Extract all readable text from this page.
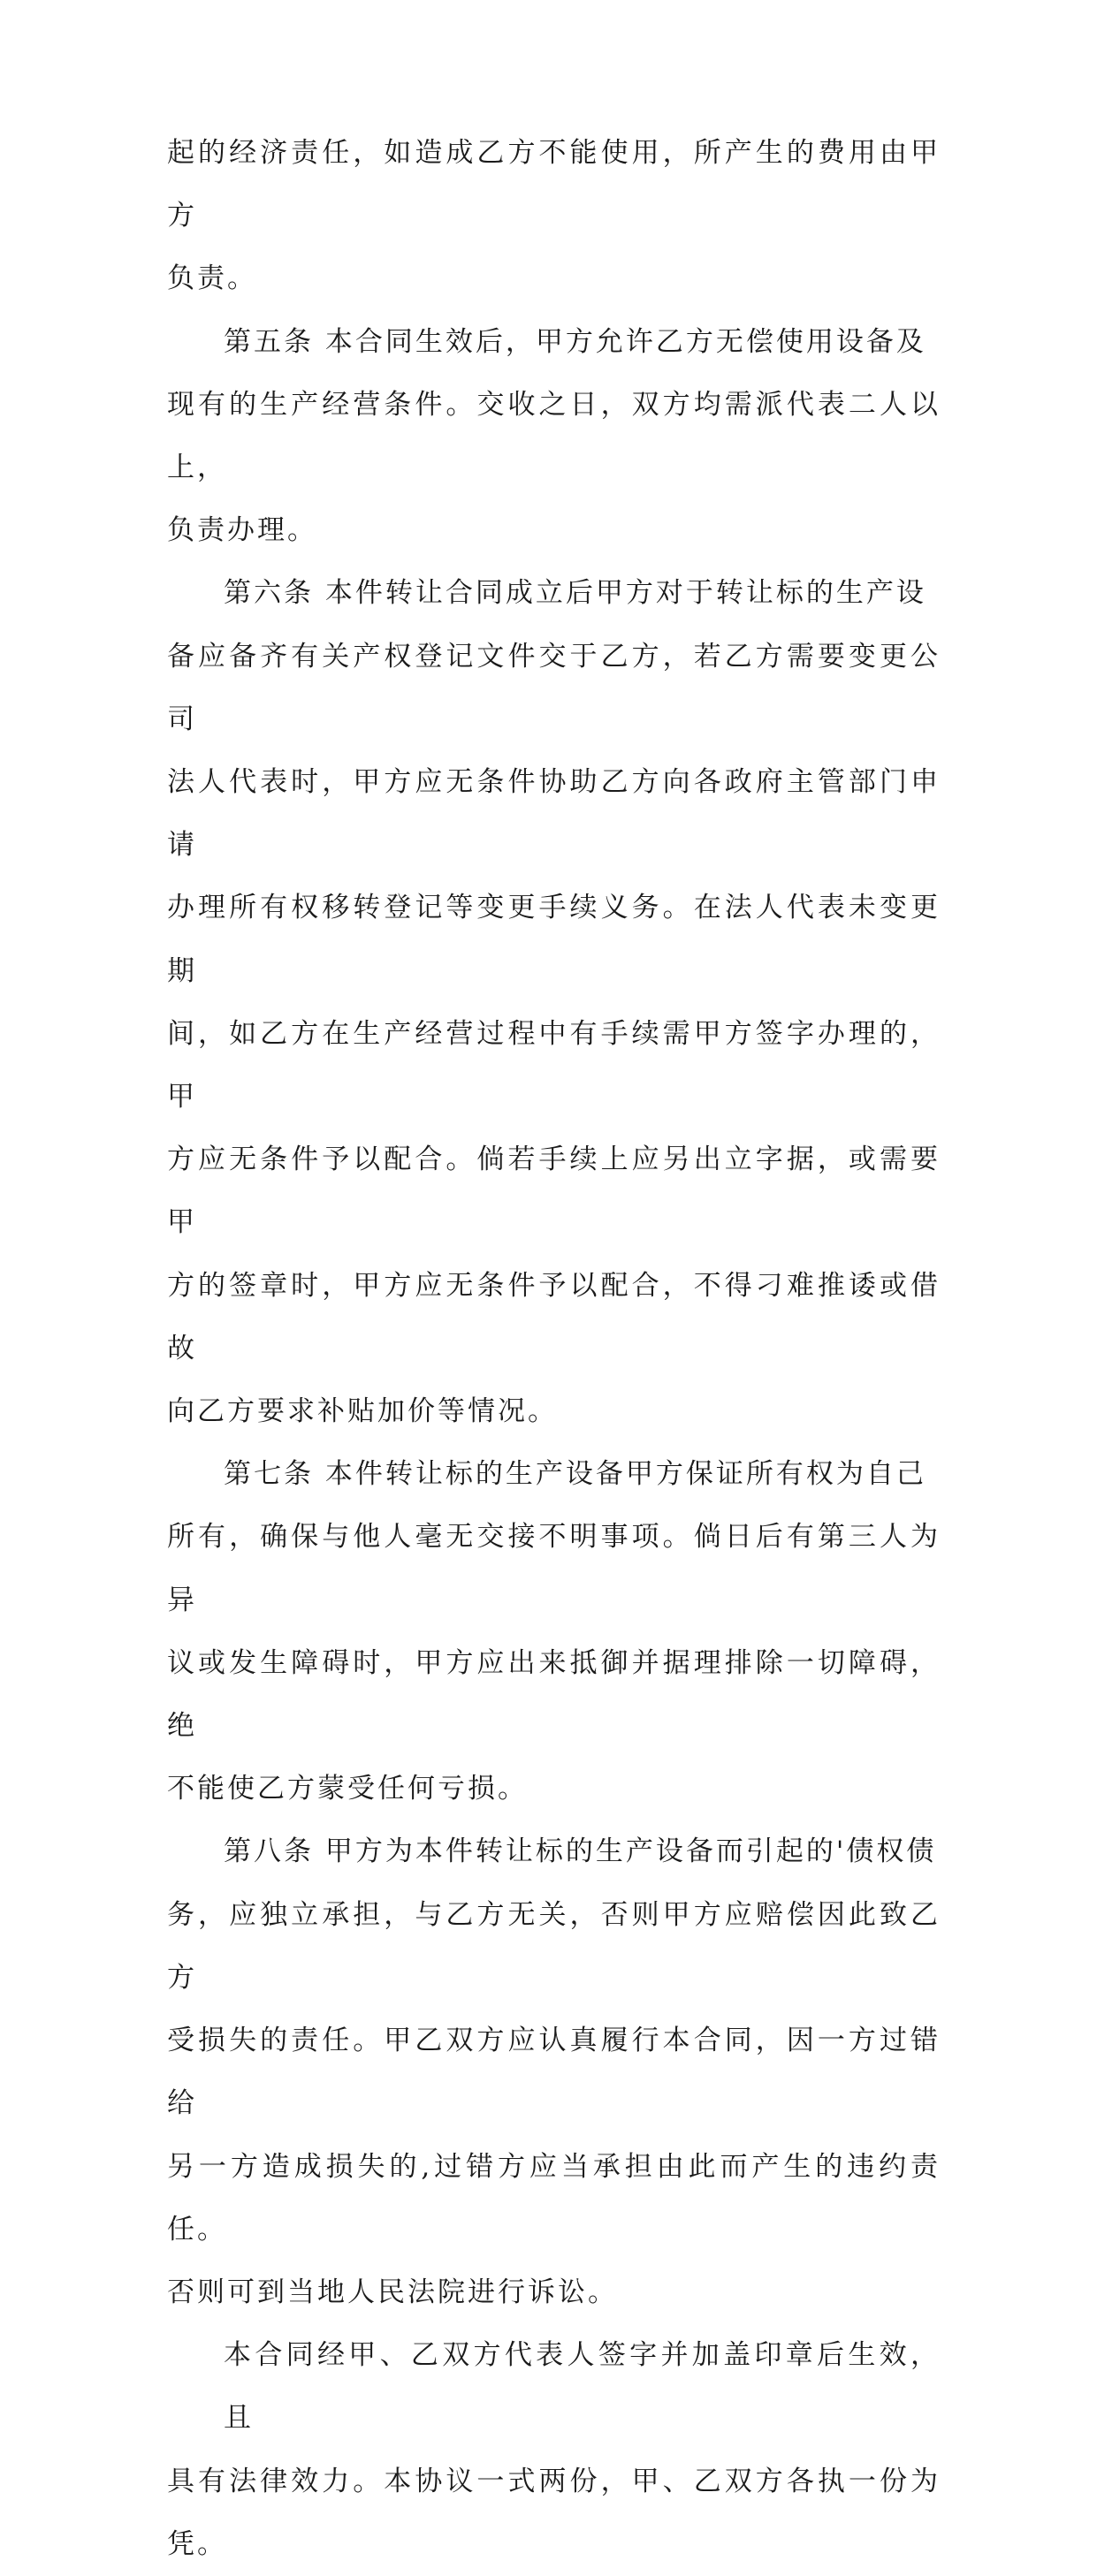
起的经济责任，如造成乙方不能使用，所产生的费用由甲方
负责。

第五条 本合同生效后，甲方允许乙方无偿使用设备及
现有的生产经营条件。交收之日，双方均需派代表二人以上，
负责办理。

第六条 本件转让合同成立后甲方对于转让标的生产设
备应备齐有关产权登记文件交于乙方，若乙方需要变更公司
法人代表时，甲方应无条件协助乙方向各政府主管部门申请
办理所有权移转登记等变更手续义务。在法人代表未变更期
间，如乙方在生产经营过程中有手续需甲方签字办理的，甲
方应无条件予以配合。倘若手续上应另出立字据，或需要甲
方的签章时，甲方应无条件予以配合，不得刁难推诿或借故
向乙方要求补贴加价等情况。

第七条 本件转让标的生产设备甲方保证所有权为自己
所有，确保与他人毫无交接不明事项。倘日后有第三人为异
议或发生障碍时，甲方应出来抵御并据理排除一切障碍，绝
不能使乙方蒙受任何亏损。

第八条 甲方为本件转让标的生产设备而引起的'债权债
务，应独立承担，与乙方无关，否则甲方应赔偿因此致乙方
受损失的责任。甲乙双方应认真履行本合同，因一方过错给
另一方造成损失的,过错方应当承担由此而产生的违约责任。
否则可到当地人民法院进行诉讼。

本合同经甲、乙双方代表人签字并加盖印章后生效，且
具有法律效力。本协议一式两份，甲、乙双方各执一份为凭。
